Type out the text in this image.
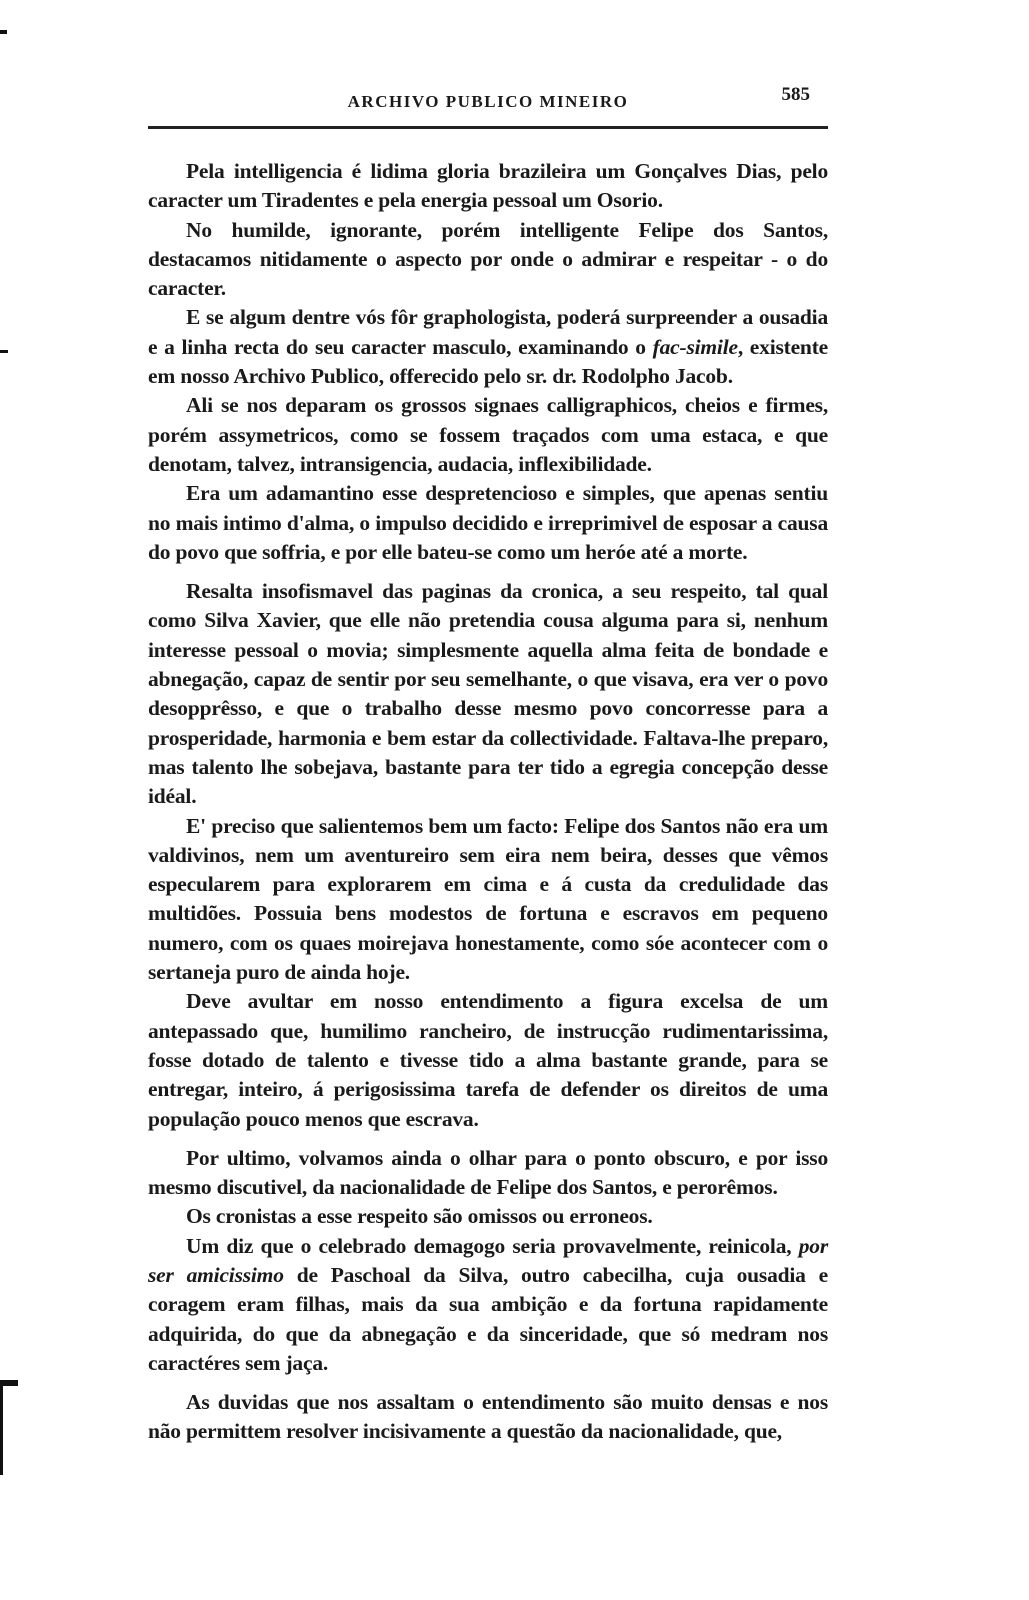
ARCHIVO PUBLICO MINEIRO	585

Pela intelligencia é lidima gloria brazileira um Gonçalves Dias, pelo caracter um Tiradentes e pela energia pessoal um Osorio.

No humilde, ignorante, porém intelligente Felipe dos Santos, destacamos nitidamente o aspecto por onde o admirar e respeitar - o do caracter.

E se algum dentre vós fôr graphologista, poderá surpreender a ousadia e a linha recta do seu caracter masculo, examinando o fac-simile, existente em nosso Archivo Publico, offerecido pelo sr. dr. Rodolpho Jacob.

Ali se nos deparam os grossos signaes calligraphicos, cheios e firmes, porém assymetricos, como se fossem traçados com uma estaca, e que denotam, talvez, intransigencia, audacia, inflexibilidade.

Era um adamantino esse despretencioso e simples, que apenas sentiu no mais intimo d'alma, o impulso decidido e irreprimivel de esposar a causa do povo que soffria, e por elle bateu-se como um heróe até a morte.

Resalta insofismavel das paginas da cronica, a seu respeito, tal qual como Silva Xavier, que elle não pretendia cousa alguma para si, nenhum interesse pessoal o movia; simplesmente aquella alma feita de bondade e abnegação, capaz de sentir por seu semelhante, o que visava, era ver o povo desopprêsso, e que o trabalho desse mesmo povo concorresse para a prosperidade, harmonia e bem estar da collectividade. Faltava-lhe preparo, mas talento lhe sobejava, bastante para ter tido a egregia concepção desse idéal.

E' preciso que salientemos bem um facto: Felipe dos Santos não era um valdivinos, nem um aventureiro sem eira nem beira, desses que vêmos especularem para explorarem em cima e á custa da credulidade das multidões. Possuia bens modestos de fortuna e escravos em pequeno numero, com os quaes moirejava honestamente, como sóe acontecer com o sertaneja puro de ainda hoje.

Deve avultar em nosso entendimento a figura excelsa de um antepassado que, humilimo rancheiro, de instrucção rudimentarissima, fosse dotado de talento e tivesse tido a alma bastante grande, para se entregar, inteiro, á perigosissima tarefa de defender os direitos de uma população pouco menos que escrava.

Por ultimo, volvamos ainda o olhar para o ponto obscuro, e por isso mesmo discutivel, da nacionalidade de Felipe dos Santos, e perorêmos.

Os cronistas a esse respeito são omissos ou erroneos.

Um diz que o celebrado demagogo seria provavelmente, reinicola, por ser amicissimo de Paschoal da Silva, outro cabecilha, cuja ousadia e coragem eram filhas, mais da sua ambição e da fortuna rapidamente adquirida, do que da abnegação e da sinceridade, que só medram nos caractéres sem jaça.

As duvidas que nos assaltam o entendimento são muito densas e nos não permittem resolver incisivamente a questão da nacionalidade, que,
